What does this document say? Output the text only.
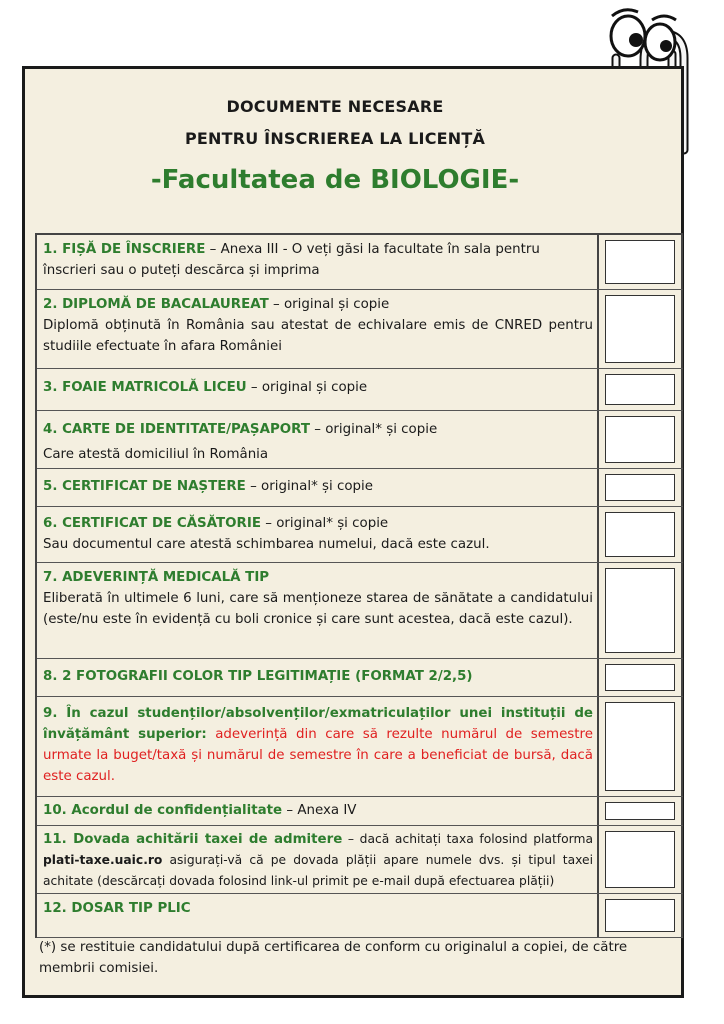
DOCUMENTE NECESARE
PENTRU ÎNSCRIEREA LA LICENȚĂ
-Facultatea de BIOLOGIE-
1. FIȘĂ DE ÎNSCRIERE – Anexa III - O veți găsi la facultate în sala pentru înscrieri sau o puteți descărca și imprima
2. DIPLOMĂ DE BACALAUREAT – original și copie
Diplomă obținută în România sau atestat de echivalare emis de CNRED pentru studiile efectuate în afara României
3. FOAIE MATRICOLĂ LICEU – original și copie
4. CARTE DE IDENTITATE/PAȘAPORT – original* și copie
Care atestă domiciliul în România
5. CERTIFICAT DE NAȘTERE – original* și copie
6. CERTIFICAT DE CĂSĂTORIE – original* și copie
Sau documentul care atestă schimbarea numelui, dacă este cazul.
7. ADEVERINȚĂ MEDICALĂ TIP
Eliberată în ultimele 6 luni, care să menționeze starea de sănătate a candidatului (este/nu este în evidență cu boli cronice și care sunt acestea, dacă este cazul).
8. 2 FOTOGRAFII COLOR TIP LEGITIMAȚIE (FORMAT 2/2,5)
9. În cazul studenților/absolvenților/exmatriculaților unei instituții de învățământ superior: adeverință din care să rezulte numărul de semestre urmate la buget/taxă și numărul de semestre în care a beneficiat de bursă, dacă este cazul.
10. Acordul de confidențialitate – Anexa IV
11. Dovada achitării taxei de admitere – dacă achitați taxa folosind platforma plati-taxe.uaic.ro asigurați-vă că pe dovada plății apare numele dvs. și tipul taxei achitate (descărcați dovada folosind link-ul primit pe e-mail după efectuarea plății)
12. DOSAR TIP PLIC
(*) se restituie candidatului după certificarea de conform cu originalul a copiei, de către membrii comisiei.
